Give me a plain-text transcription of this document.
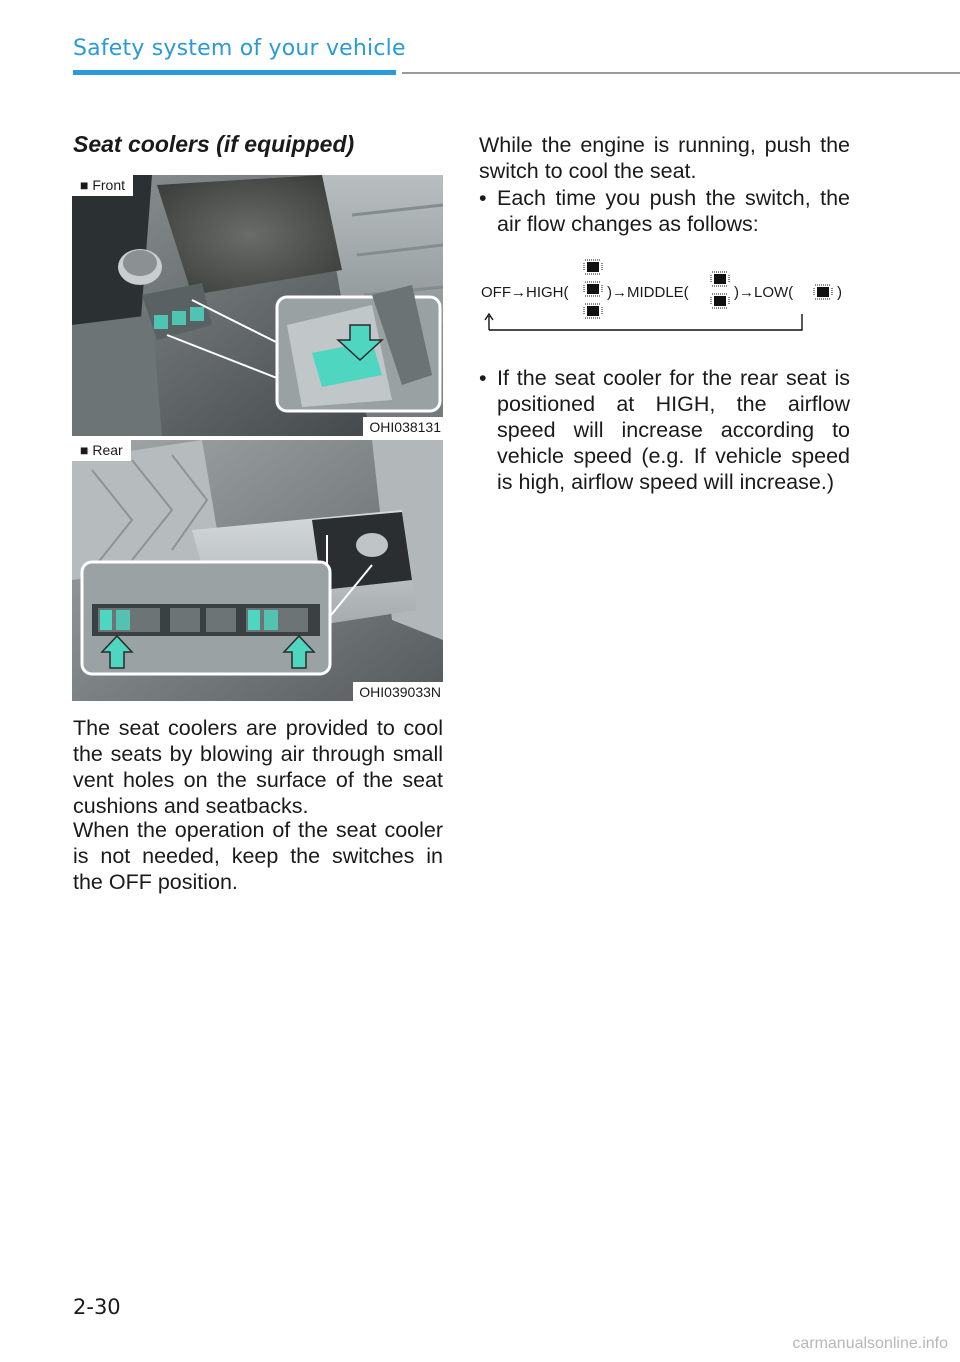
Safety system of your vehicle
Seat coolers (if equipped)
■ Front
OHI038131
■ Rear
OHI039033N

The seat coolers are provided to cool the seats by blowing air through small vent holes on the surface of the seat cushions and seatbacks.

When the operation of the seat cooler is not needed, keep the switches in the OFF position.

While the engine is running, push the switch to cool the seat.

• Each time you push the switch, the air flow changes as follows:
OFF→HIGH(	)→MIDDLE(	)→LOW(	)
• If the seat cooler for the rear seat is positioned at HIGH, the airflow speed will increase according to vehicle speed (e.g. If vehicle speed is high, airflow speed will increase.)
2-30
carmanualsonline.info
